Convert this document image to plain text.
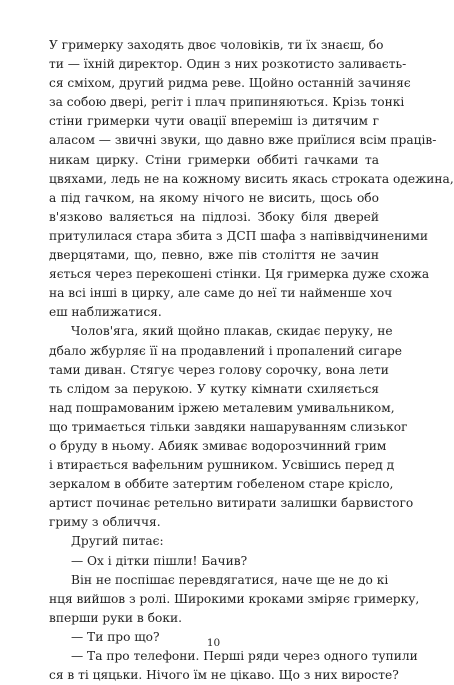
У гримерку заходять двоє чоловіків, ти їх знаєш, бо
ти — їхній директор. Один з них розкотисто заливаєть-
ся сміхом, другий ридма реве. Щойно останній зачиняє
за собою двері, регіт і плач припиняються. Крізь тонкі
стіни гримерки чути овації впереміш із дитячим г
аласом — звичні звуки, що давно вже приїлися всім праців-
никам цирку. Стіни гримерки оббиті гачками та
цвяхами, ледь не на кожному висить якась строката одежина,
а під гачком, на якому нічого не висить, щось обо
в'язково валяється на підлозі. Збоку біля дверей
притулилася стара збита з ДСП шафа з напіввідчиненими
дверцятами, що, певно, вже пів століття не зачин
яється через перекошені стінки. Ця гримерка дуже схожа
на всі інші в цирку, але саме до неї ти найменше хоч
еш наближатися.
Чолов'яга, який щойно плакав, скидає перуку, не
дбало жбурляє її на продавлений і пропалений сигаре
тами диван. Стягує через голову сорочку, вона лети
ть слідом за перукою. У кутку кімнати схиляється
над пошрамованим іржею металевим умивальником,
що тримається тільки завдяки нашаруванням слизьког
о бруду в ньому. Абияк змиває водорозчинний грим
і втирається вафельним рушником. Усвішись перед д
зеркалом в оббите затертим гобеленом старе крісло,
артист починає ретельно витирати залишки барвистого
гриму з обличчя.
Другий питає:
— Ох і дітки пішли! Бачив?
Він не поспішає перевдягатися, наче ще не до кі
нця вийшов з ролі. Широкими кроками зміряє гримерку,
вперши руки в боки.
— Ти про що?
— Та про телефони. Перші ряди через одного тупили
ся в ті цяцьки. Нічого їм не цікаво. Що з них виросте?
10
